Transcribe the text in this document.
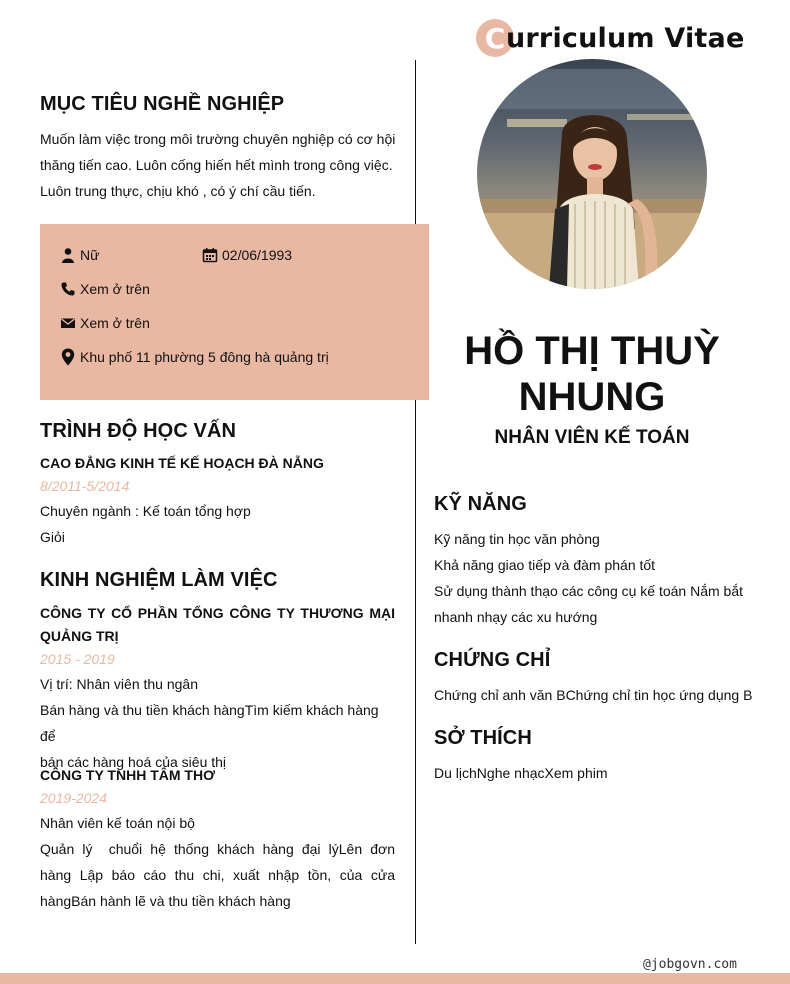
C urriculum Vitae
MỤC TIÊU NGHỀ NGHIỆP
Muốn làm việc trong môi trường chuyên nghiệp có cơ hội
thăng tiến cao. Luôn cống hiến hết mình trong công việc.
Luôn trung thực, chịu khó , có ý chí cầu tiến.
Nữ	02/06/1993
Xem ở trên
Xem ở trên
Khu phố 11 phường 5 đông hà quảng trị
TRÌNH ĐỘ HỌC VẤN
CAO ĐẲNG KINH TẾ KẾ HOẠCH ĐÀ NẴNG
8/2011-5/2014
Chuyên ngành : Kế toán tổng hợp
Giỏi
KINH NGHIỆM LÀM VIỆC
CÔNG TY CỔ PHẦN TỔNG CÔNG TY THƯƠNG MẠI
QUẢNG TRỊ
2015 - 2019
Vị trí: Nhân viên thu ngân
Bán hàng và thu tiền khách hàngTìm kiếm khách hàng để
bán các hàng hoá của siêu thị
CÔNG TY TNHH TÂM THƠ
2019-2024
Nhân viên kế toán nội bộ
Quản lý  chuổi hệ thống khách hàng đại lýLên đơn
hàng Lập báo cáo thu chi, xuất nhập tồn, của cửa
hàngBán hành lẽ và thu tiền khách hàng
HỒ THỊ THUỲ
NHUNG
NHÂN VIÊN KẾ TOÁN
KỸ NĂNG
Kỹ năng tin học văn phòng
Khả năng giao tiếp và đàm phán tốt
Sử dụng thành thạo các công cụ kế toán Nắm bắt
nhanh nhạy các xu hướng
CHỨNG CHỈ
Chứng chỉ anh văn BChứng chỉ tin học ứng dụng B
SỞ THÍCH
Du lịchNghe nhạcXem phim
@jobgovn.com
